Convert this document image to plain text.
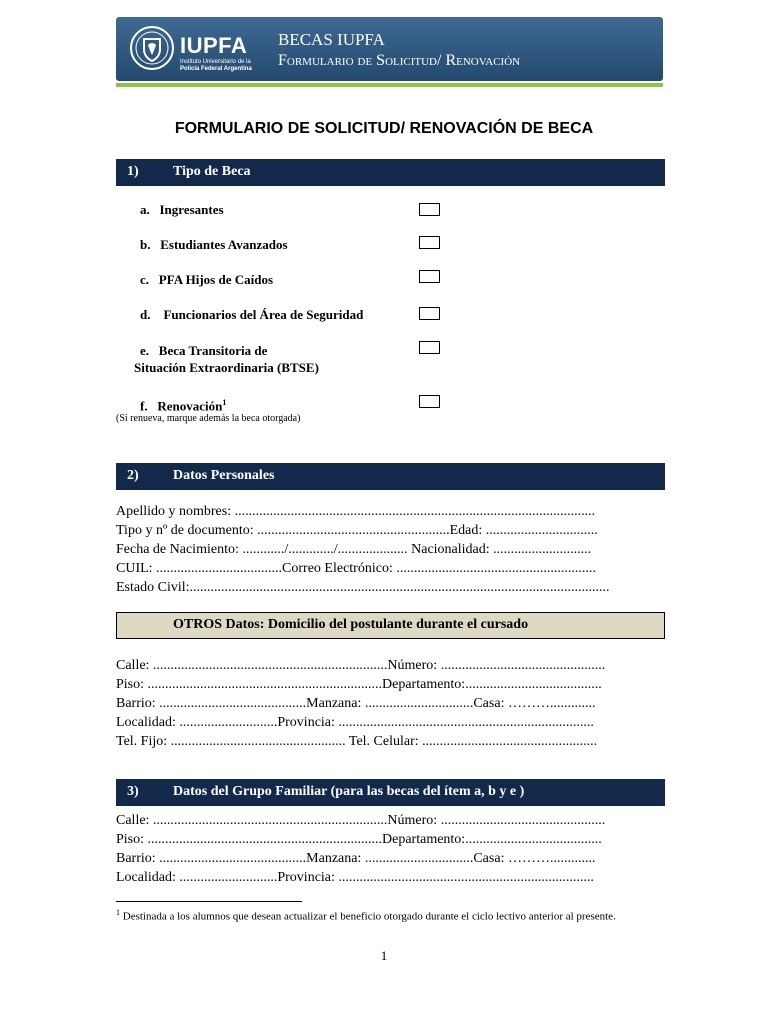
IUPFA
Instituto Universitario de la
Policía Federal Argentina
BECAS IUPFA
Formulario de Solicitud/ Renovación
FORMULARIO DE SOLICITUD/ RENOVACIÓN DE BECA
1) Tipo de Beca
a. Ingresantes
b. Estudiantes Avanzados
c. PFA Hijos de Caídos
d.    Funcionarios del Área de Seguridad
e. Beca Transitoria de
Situación Extraordinaria (BTSE)
f. Renovación$^1$
(Si renueva, marque además la beca otorgada)
2) Datos Personales
Apellido y nombres: .......................................................................................................
Tipo y nº de documento: .......................................................Edad: ................................
Fecha de Nacimiento: ............/............./.................... Nacionalidad: ............................
CUIL: ....................................Correo Electrónico: .........................................................
Estado Civil:........................................................................................................................
OTROS Datos: Domicilio del postulante durante el cursado
Calle: ...................................................................Número: ...............................................
Piso: ...................................................................Departamento:.......................................
Barrio: ..........................................Manzana: ...............................Casa: ……….............
Localidad: ............................Provincia: .........................................................................
Tel. Fijo: .................................................. Tel. Celular: ..................................................
3) Datos del Grupo Familiar (para las becas del ítem a, b y e )
Calle: ...................................................................Número: ...............................................
Piso: ...................................................................Departamento:.......................................
Barrio: ..........................................Manzana: ...............................Casa: ……….............
Localidad: ............................Provincia: .........................................................................
$^1$ Destinada a los alumnos que desean actualizar el beneficio otorgado durante el ciclo lectivo anterior al presente.
1
